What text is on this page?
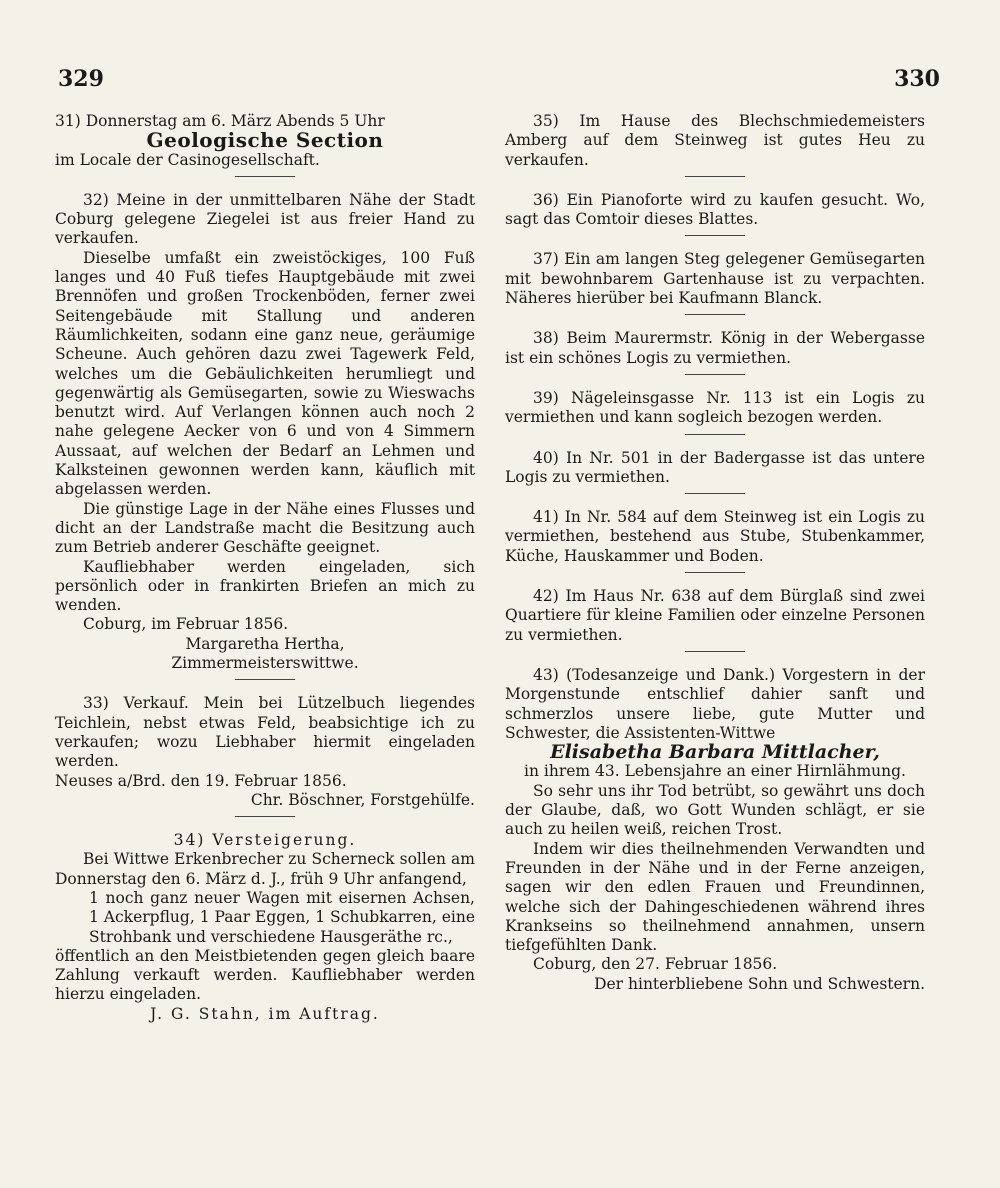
329	330
31) Donnerstag am 6. März Abends 5 Uhr
Geologische Section
im Locale der Casinogesellschaft.
32) Meine in der unmittelbaren Nähe der Stadt Coburg gelegene Ziegelei ist aus freier Hand zu verkaufen.
Dieselbe umfaßt ein zweistöckiges, 100 Fuß langes und 40 Fuß tiefes Hauptgebäude mit zwei Brennöfen und großen Trockenböden, ferner zwei Seitengebäude mit Stallung und anderen Räumlichkeiten, sodann eine ganz neue, geräumige Scheune. Auch gehören dazu zwei Tagewerk Feld, welches um die Gebäulichkeiten herumliegt und gegenwärtig als Gemüsegarten, sowie zu Wieswachs benutzt wird. Auf Verlangen können auch noch 2 nahe gelegene Aecker von 6 und von 4 Simmern Aussaat, auf welchen der Bedarf an Lehmen und Kalksteinen gewonnen werden kann, käuflich mit abgelassen werden.
Die günstige Lage in der Nähe eines Flusses und dicht an der Landstraße macht die Besitzung auch zum Betrieb anderer Geschäfte geeignet.
Kaufliebhaber werden eingeladen, sich persönlich oder in frankirten Briefen an mich zu wenden.
Coburg, im Februar 1856.
Margaretha Hertha,
Zimmermeisterswittwe.
33) Verkauf. Mein bei Lützelbuch liegendes Teichlein, nebst etwas Feld, beabsichtige ich zu verkaufen; wozu Liebhaber hiermit eingeladen werden.
Neuses a/Brd. den 19. Februar 1856.
Chr. Böschner, Forstgehülfe.
34) Versteigerung.
Bei Wittwe Erkenbrecher zu Scherneck sollen am Donnerstag den 6. März d. J., früh 9 Uhr anfangend,
1 noch ganz neuer Wagen mit eisernen Achsen, 1 Ackerpflug, 1 Paar Eggen, 1 Schubkarren, eine Strohbank und verschiedene Hausgeräthe rc.,
öffentlich an den Meistbietenden gegen gleich baare Zahlung verkauft werden. Kaufliebhaber werden hierzu eingeladen.
J. G. Stahn, im Auftrag.
35) Im Hause des Blechschmiedemeisters Amberg auf dem Steinweg ist gutes Heu zu verkaufen.
36) Ein Pianoforte wird zu kaufen gesucht. Wo, sagt das Comtoir dieses Blattes.
37) Ein am langen Steg gelegener Gemüsegarten mit bewohnbarem Gartenhause ist zu verpachten. Näheres hierüber bei Kaufmann Blanck.
38) Beim Maurermstr. König in der Webergasse ist ein schönes Logis zu vermiethen.
39) Nägeleinsgasse Nr. 113 ist ein Logis zu vermiethen und kann sogleich bezogen werden.
40) In Nr. 501 in der Badergasse ist das untere Logis zu vermiethen.
41) In Nr. 584 auf dem Steinweg ist ein Logis zu vermiethen, bestehend aus Stube, Stubenkammer, Küche, Hauskammer und Boden.
42) Im Haus Nr. 638 auf dem Bürglaß sind zwei Quartiere für kleine Familien oder einzelne Personen zu vermiethen.
43) (Todesanzeige und Dank.) Vorgestern in der Morgenstunde entschlief dahier sanft und schmerzlos unsere liebe, gute Mutter und Schwester, die Assistenten-Wittwe
Elisabetha Barbara Mittlacher,
in ihrem 43. Lebensjahre an einer Hirnlähmung.
So sehr uns ihr Tod betrübt, so gewährt uns doch der Glaube, daß, wo Gott Wunden schlägt, er sie auch zu heilen weiß, reichen Trost.
Indem wir dies theilnehmenden Verwandten und Freunden in der Nähe und in der Ferne anzeigen, sagen wir den edlen Frauen und Freundinnen, welche sich der Dahingeschiedenen während ihres Krankseins so theilnehmend annahmen, unsern tiefgefühlten Dank.
Coburg, den 27. Februar 1856.
Der hinterbliebene Sohn und Schwestern.
